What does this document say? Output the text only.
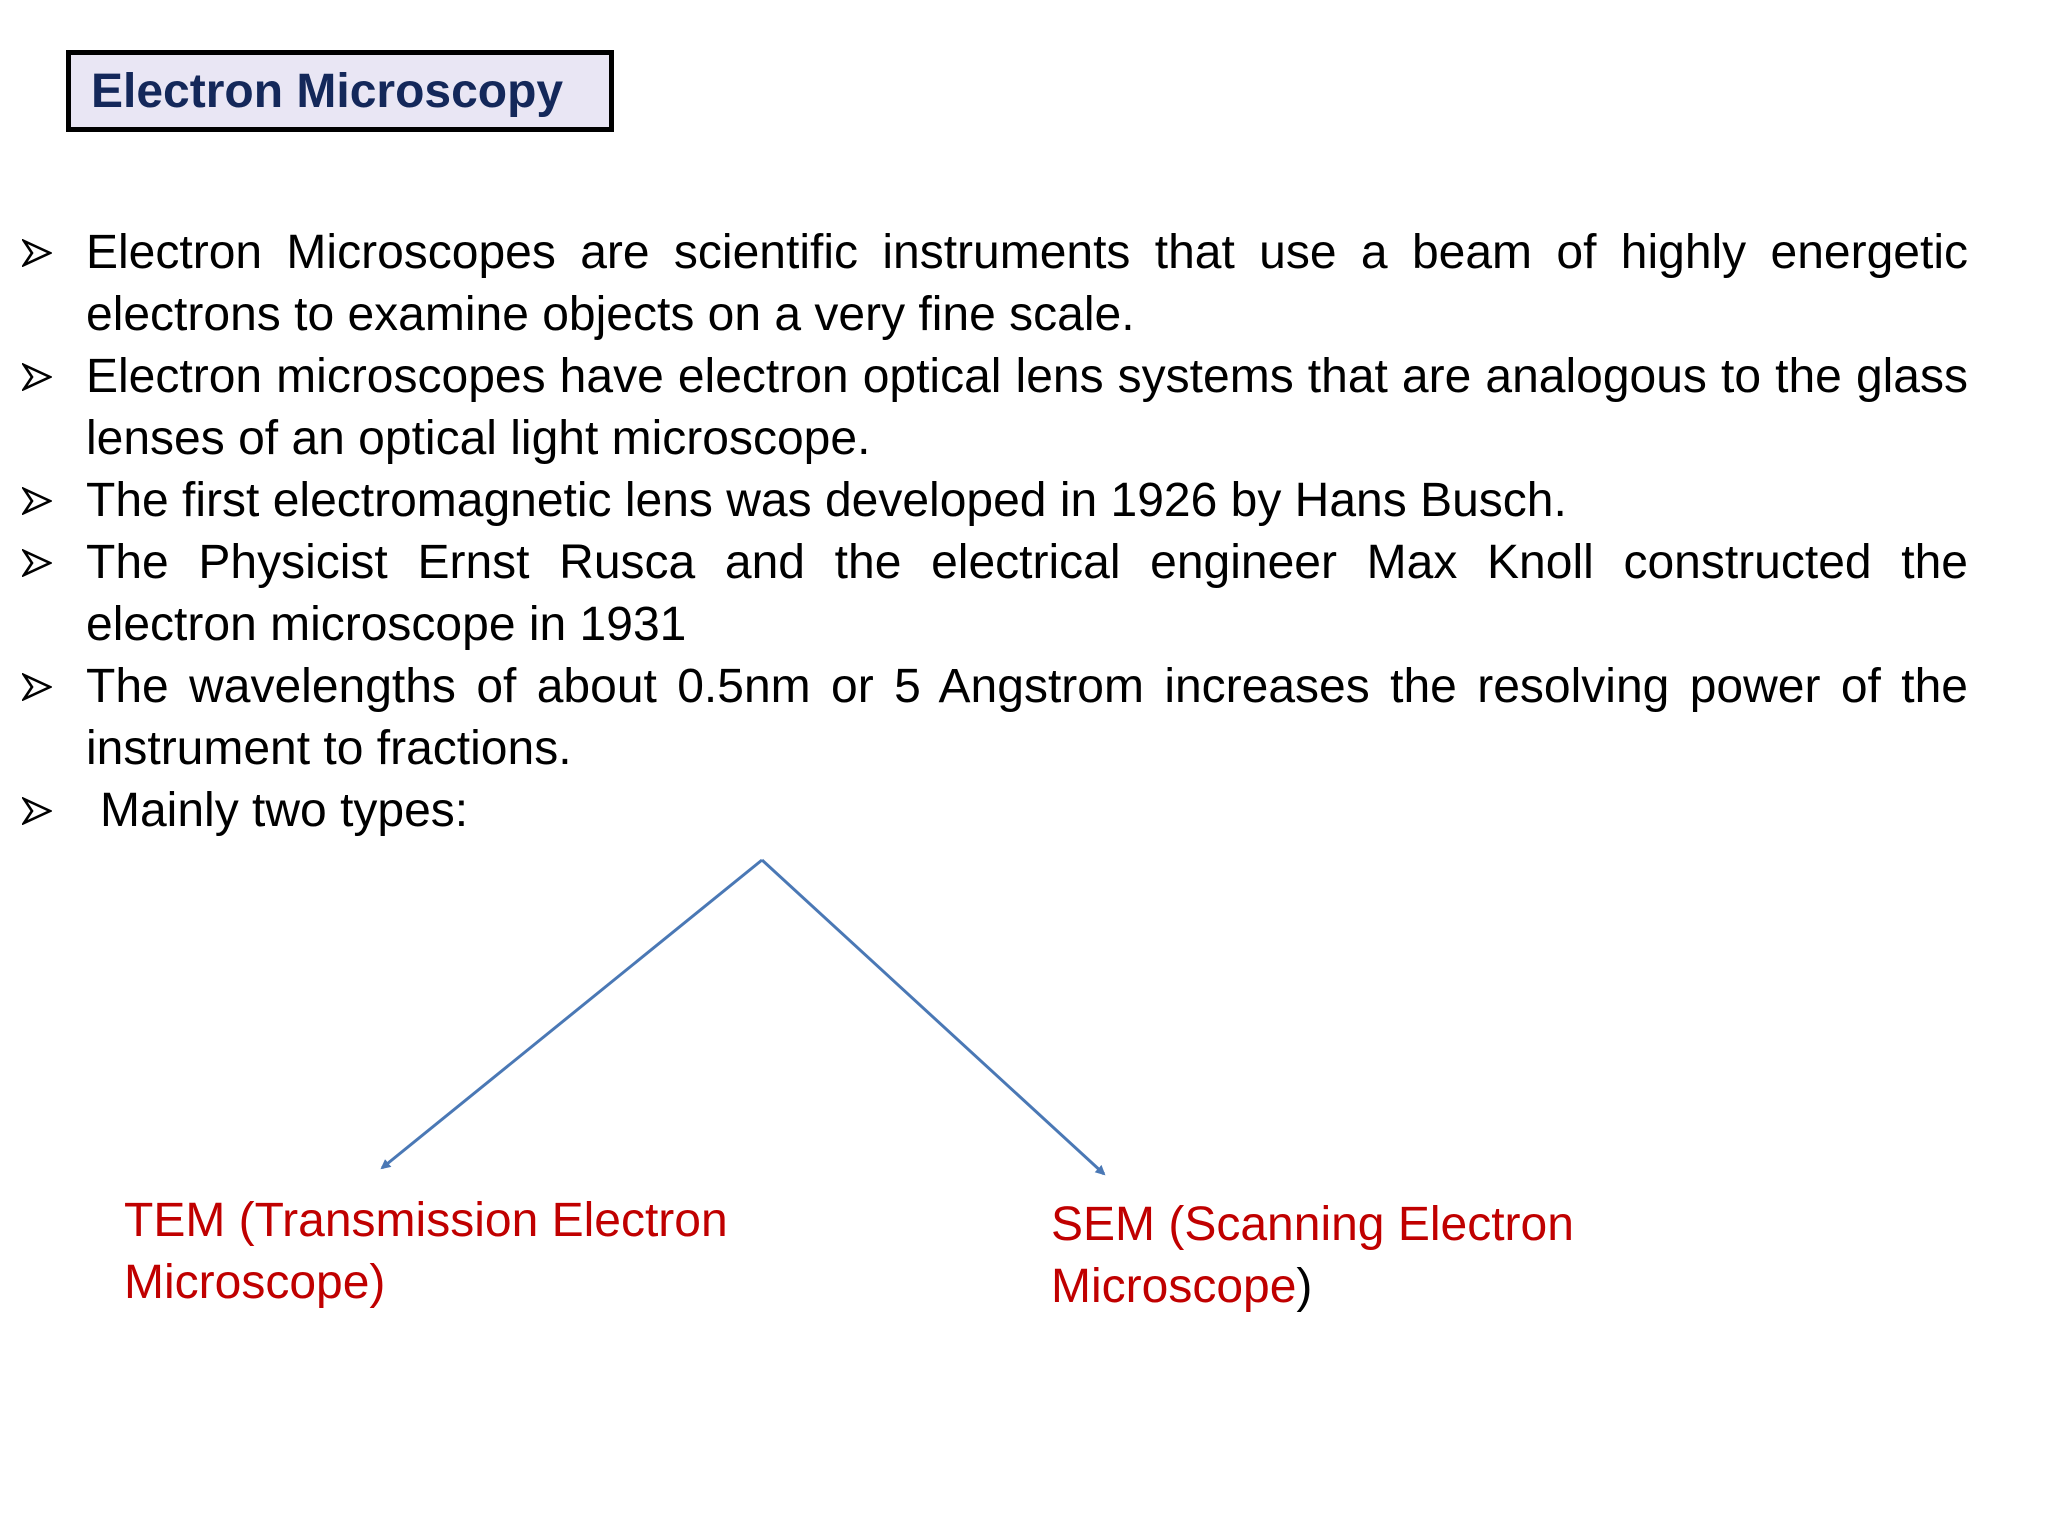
Electron Microscopy
Electron Microscopes are scientific instruments that use a beam of highly energetic electrons to examine objects on a very fine scale.
Electron microscopes have electron optical lens systems that are analogous to the glass lenses of an optical light microscope.
The first electromagnetic lens was developed in 1926 by Hans Busch.
The Physicist Ernst Rusca and the electrical engineer Max Knoll constructed the electron microscope in 1931
The wavelengths of about 0.5nm or 5 Angstrom increases the resolving power of the instrument to fractions.
Mainly two types:
TEM (Transmission Electron
Microscope)
SEM (Scanning Electron
Microscope)
